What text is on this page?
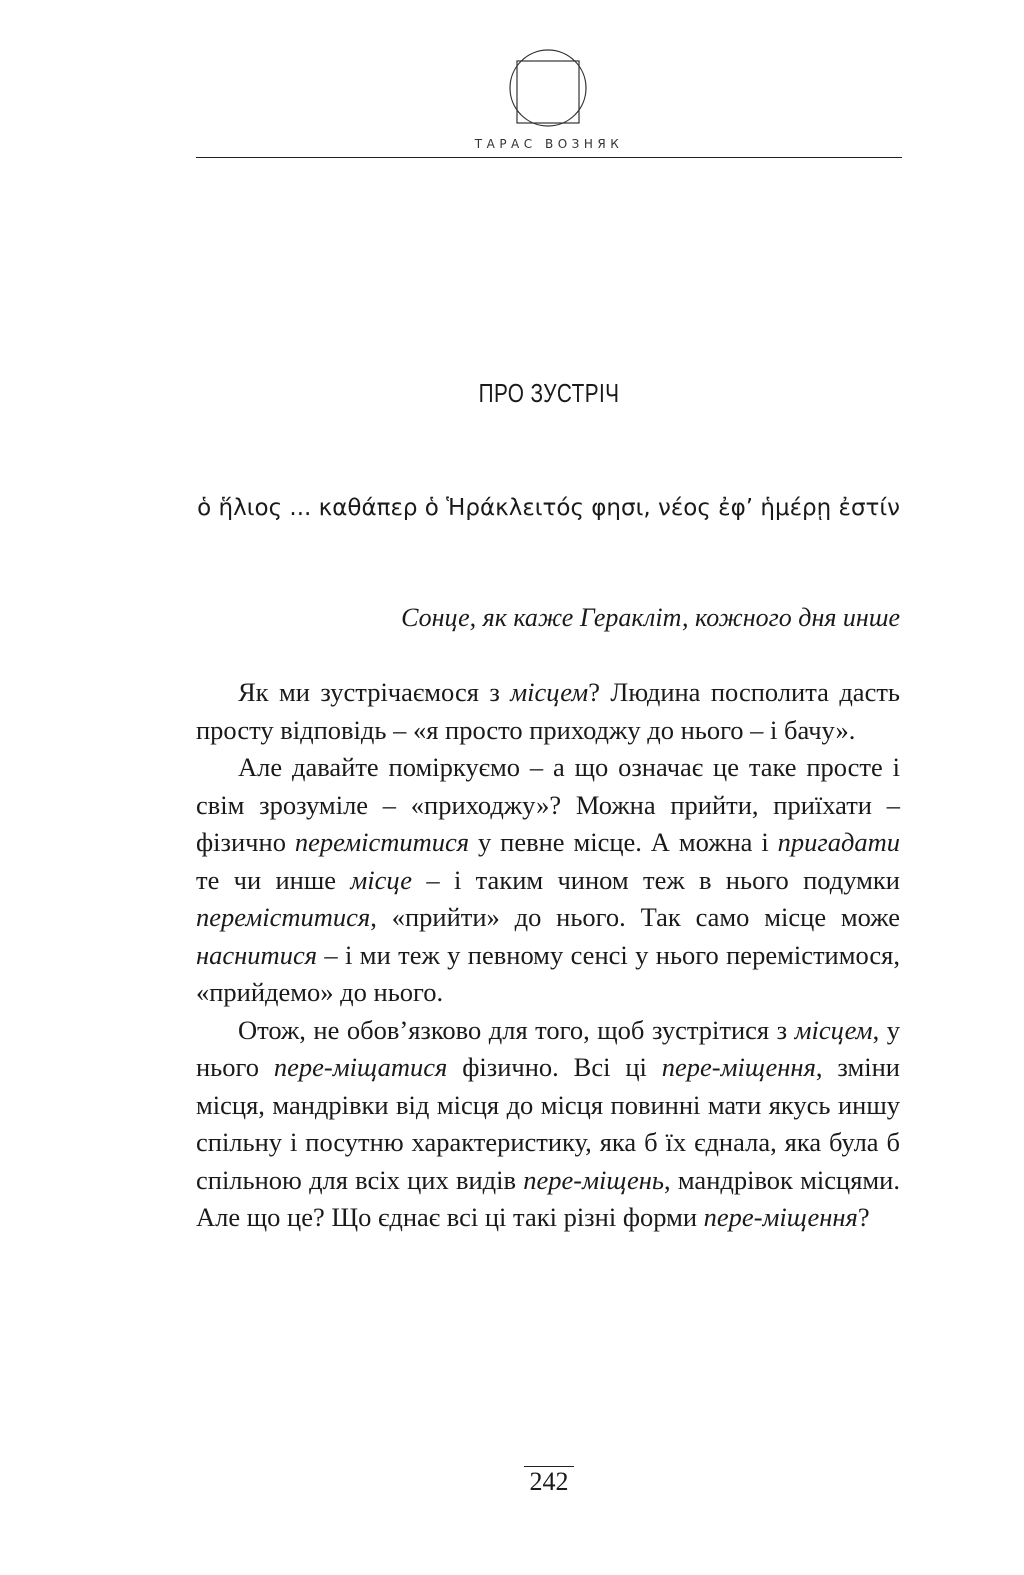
ТАРАС ВОЗНЯК
ПРО ЗУСТРІЧ

ὁ ἥλιος ... καθάπερ ὁ Ἡράκλειτός φησι, νέος ἐφ’ ἡμέρῃ ἐστίν

Сонце, як каже Геракліт, кожного дня инше

Як ми зустрічаємося з місцем? Людина посполита дасть просту відповідь – «я просто приходжу до нього – і бачу».

Але давайте поміркуємо – а що означає це таке просте і свім зрозуміле – «приходжу»? Можна прийти, приїхати – фізично переміститися у певне місце. А можна і пригадати те чи инше місце – і таким чином теж в нього подумки переміститися, «прийти» до нього. Так само місце може наснитися – і ми теж у певному сенсі у нього перемістимося, «прийдемо» до нього.

Отож, не обов’язково для того, щоб зустрітися з місцем, у нього пере-міщатися фізично. Всі ці пере-міщення, зміни місця, мандрівки від місця до місця повинні мати якусь иншу спільну і посутню характеристику, яка б їх єднала, яка була б спільною для всіх цих видів пере-міщень, мандрівок місцями. Але що це? Що єднає всі ці такі різні форми пере-міщення?

242
